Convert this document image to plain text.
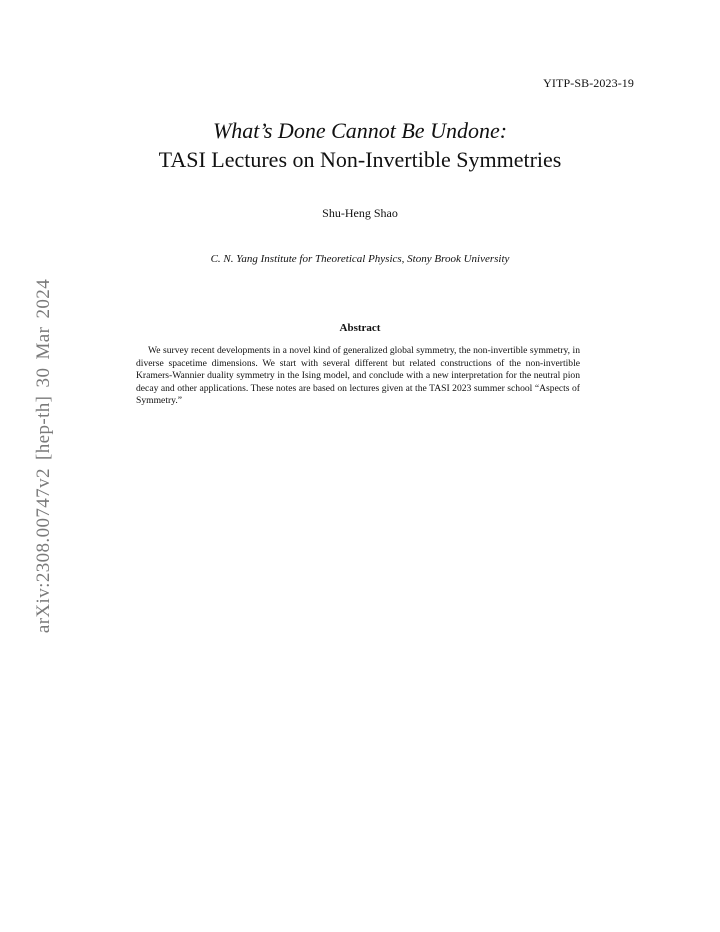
YITP-SB-2023-19
arXiv:2308.00747v2 [hep-th] 30 Mar 2024
What’s Done Cannot Be Undone:
TASI Lectures on Non-Invertible Symmetries
Shu-Heng Shao
C. N. Yang Institute for Theoretical Physics, Stony Brook University
Abstract
We survey recent developments in a novel kind of generalized global symmetry, the non-invertible symmetry, in diverse spacetime dimensions. We start with several different but related constructions of the non-invertible Kramers-Wannier duality symmetry in the Ising model, and conclude with a new interpretation for the neutral pion decay and other applications. These notes are based on lectures given at the TASI 2023 summer school “Aspects of Symmetry.”
